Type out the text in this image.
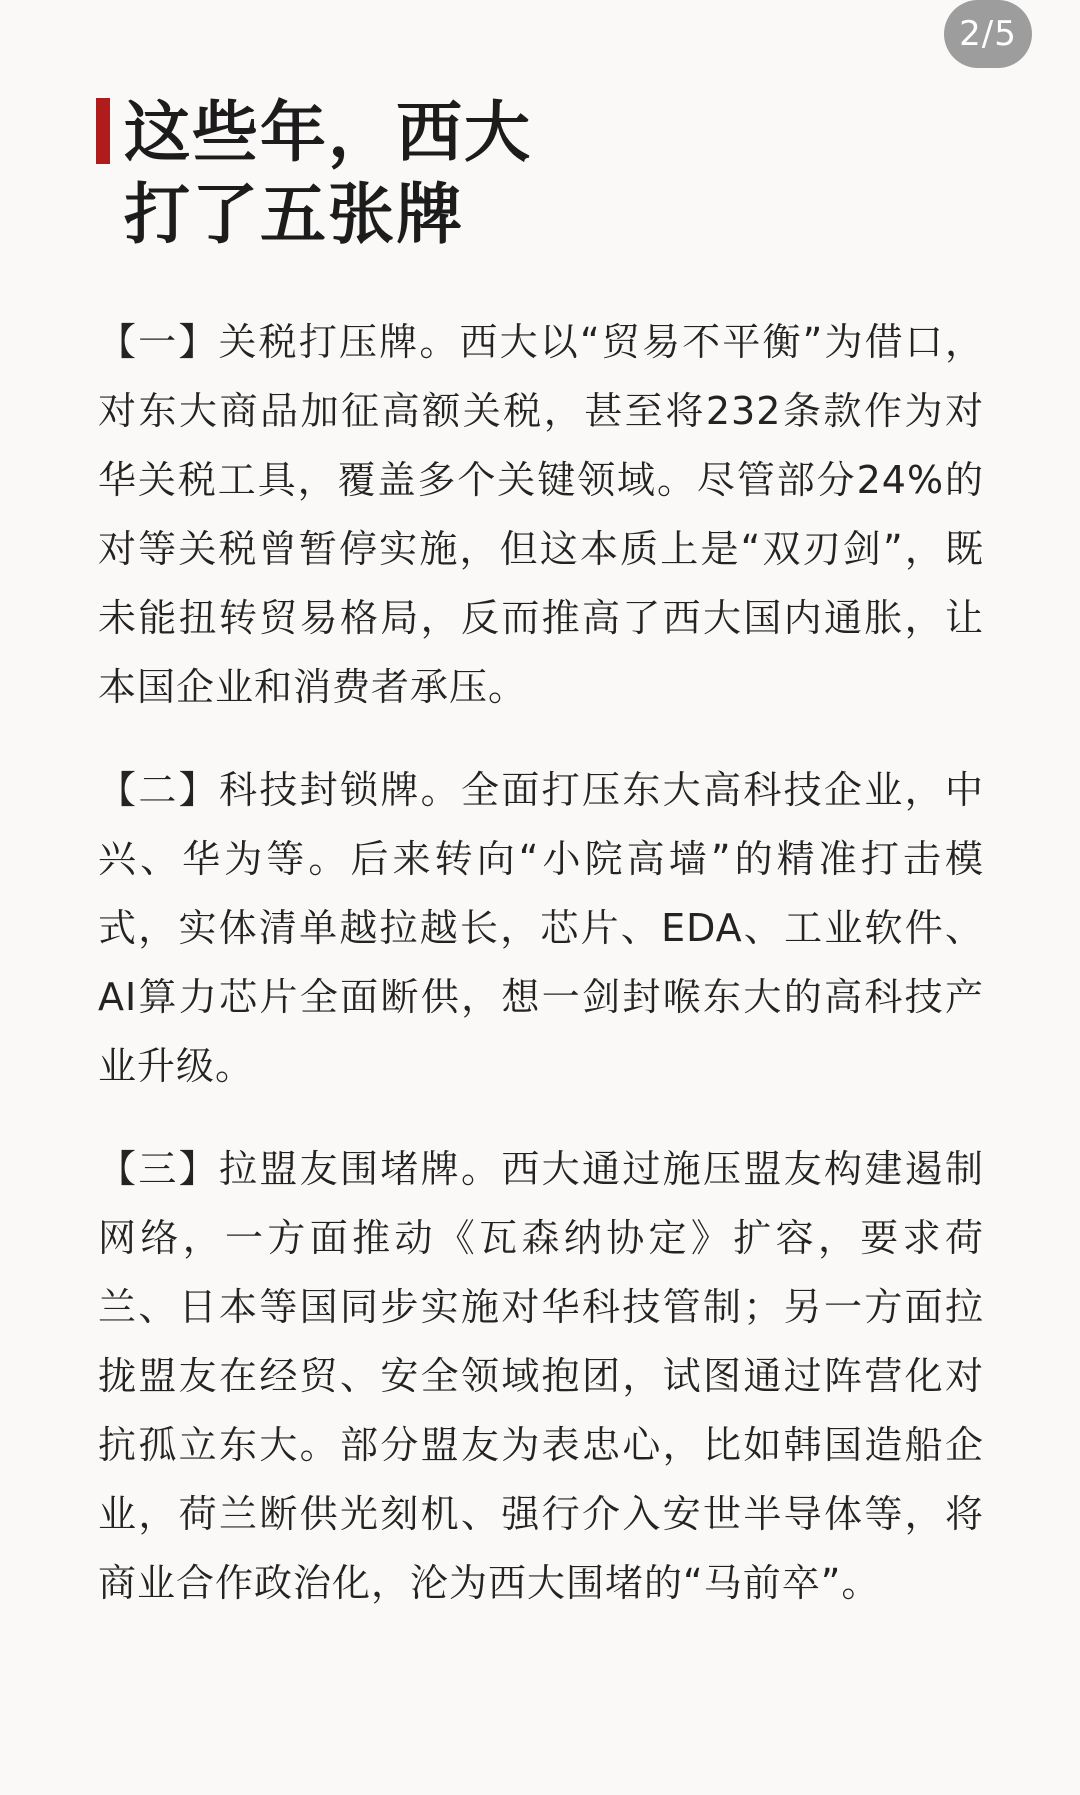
2/5
这些年，西大
打了五张牌

【一】关税打压牌。西大以“贸易不平衡”为借口，对东大商品加征高额关税，甚至将232条款作为对华关税工具，覆盖多个关键领域。尽管部分24%的对等关税曾暂停实施，但这本质上是“双刃剑”，既未能扭转贸易格局，反而推高了西大国内通胀，让本国企业和消费者承压。

【二】科技封锁牌。全面打压东大高科技企业，中兴、华为等。后来转向“小院高墙”的精准打击模式，实体清单越拉越长，芯片、EDA、工业软件、AI算力芯片全面断供，想一剑封喉东大的高科技产业升级。

【三】拉盟友围堵牌。西大通过施压盟友构建遏制网络，一方面推动《瓦森纳协定》扩容，要求荷兰、日本等国同步实施对华科技管制；另一方面拉拢盟友在经贸、安全领域抱团，试图通过阵营化对抗孤立东大。部分盟友为表忠心，比如韩国造船企业，荷兰断供光刻机、强行介入安世半导体等，将商业合作政治化，沦为西大围堵的“马前卒”。
